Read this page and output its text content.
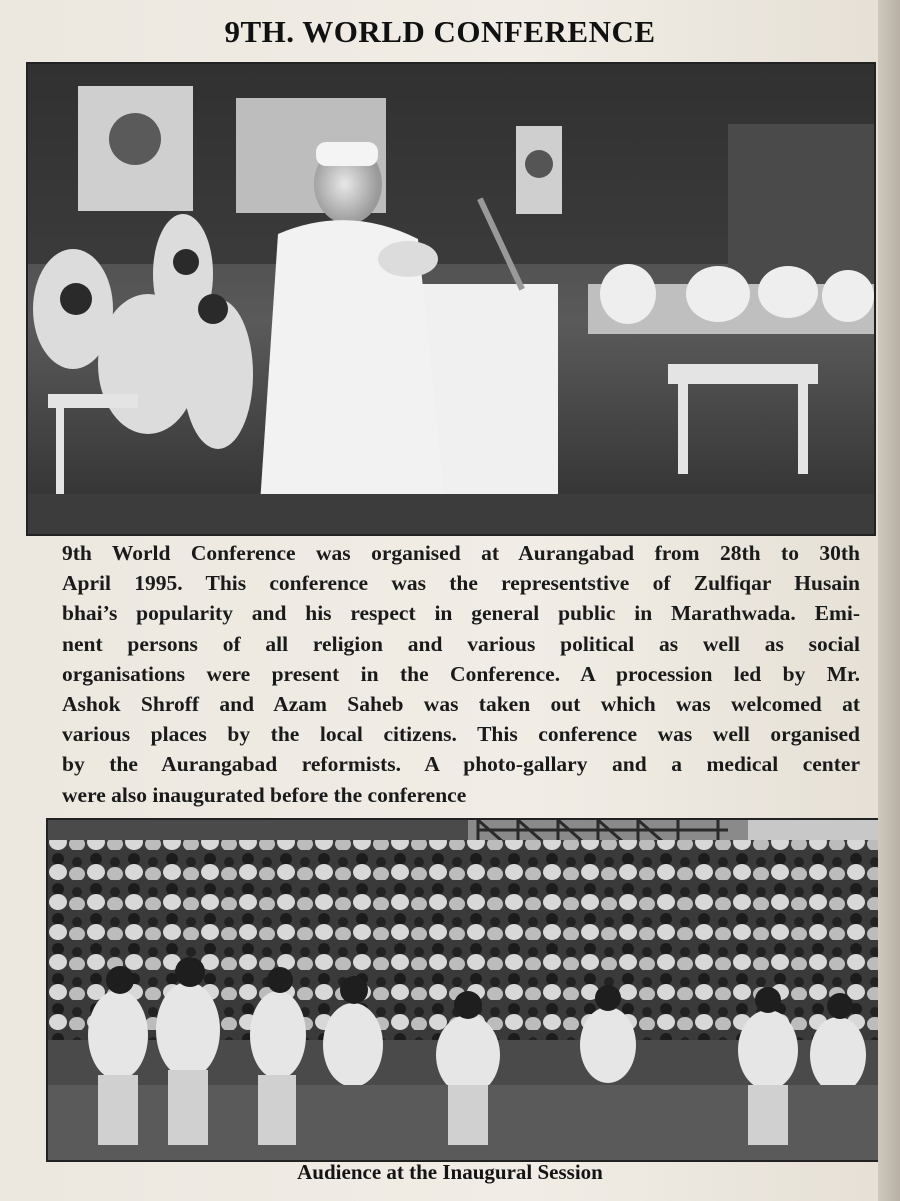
9TH. WORLD CONFERENCE
9th World Conference was organised at Aurangabad from 28th to 30th
April 1995. This conference was the representstive of Zulfiqar Husain
bhai’s popularity and his respect in general public in Marathwada. Emi-
nent persons of all religion and various political as well as social
organisations were present in the Conference. A procession led by Mr.
Ashok Shroff and Azam Saheb was taken out which was welcomed at
various places by the local citizens. This conference was well organised
by the Aurangabad reformists. A photo-gallary and a medical center
were also inaugurated before the conference
Audience at the Inaugural Session
